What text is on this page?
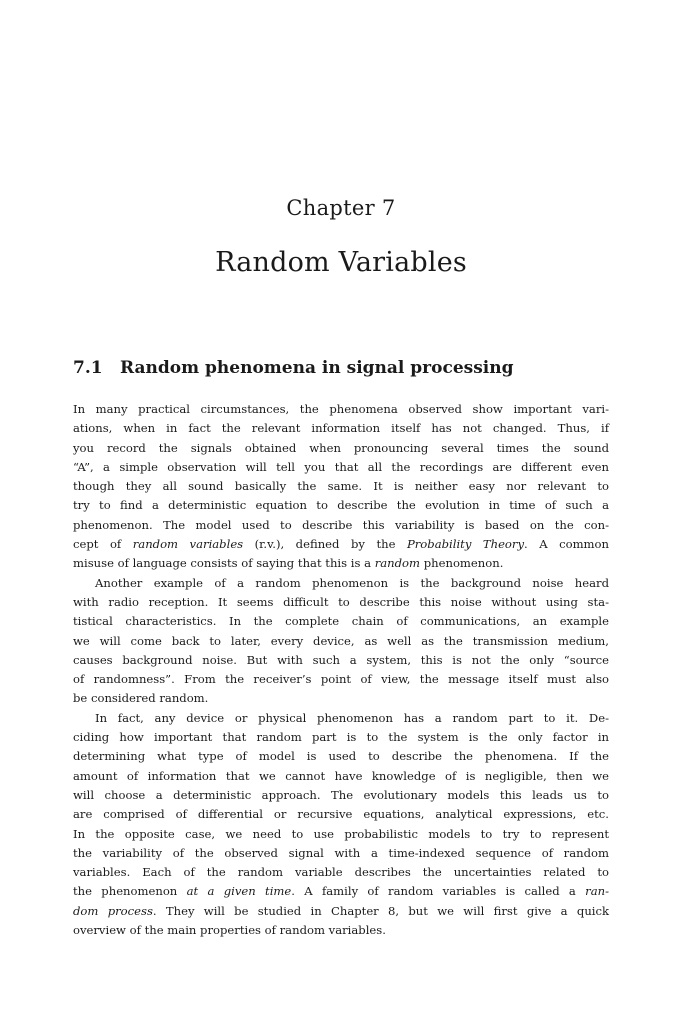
Chapter 7
Random Variables
7.1 Random phenomena in signal processing
In many practical circumstances, the phenomena observed show important vari-
ations, when in fact the relevant information itself has not changed. Thus, if
you record the signals obtained when pronouncing several times the sound
“A”, a simple observation will tell you that all the recordings are different even
though they all sound basically the same. It is neither easy nor relevant to
try to find a deterministic equation to describe the evolution in time of such a
phenomenon. The model used to describe this variability is based on the con-
cept of random variables (r.v.), defined by the Probability Theory. A common
misuse of language consists of saying that this is a random phenomenon.
Another example of a random phenomenon is the background noise heard
with radio reception. It seems difficult to describe this noise without using sta-
tistical characteristics. In the complete chain of communications, an example
we will come back to later, every device, as well as the transmission medium,
causes background noise. But with such a system, this is not the only “source
of randomness”. From the receiver’s point of view, the message itself must also
be considered random.
In fact, any device or physical phenomenon has a random part to it. De-
ciding how important that random part is to the system is the only factor in
determining what type of model is used to describe the phenomena. If the
amount of information that we cannot have knowledge of is negligible, then we
will choose a deterministic approach. The evolutionary models this leads us to
are comprised of differential or recursive equations, analytical expressions, etc.
In the opposite case, we need to use probabilistic models to try to represent
the variability of the observed signal with a time-indexed sequence of random
variables. Each of the random variable describes the uncertainties related to
the phenomenon at a given time. A family of random variables is called a ran-
dom process. They will be studied in Chapter 8, but we will first give a quick
overview of the main properties of random variables.
